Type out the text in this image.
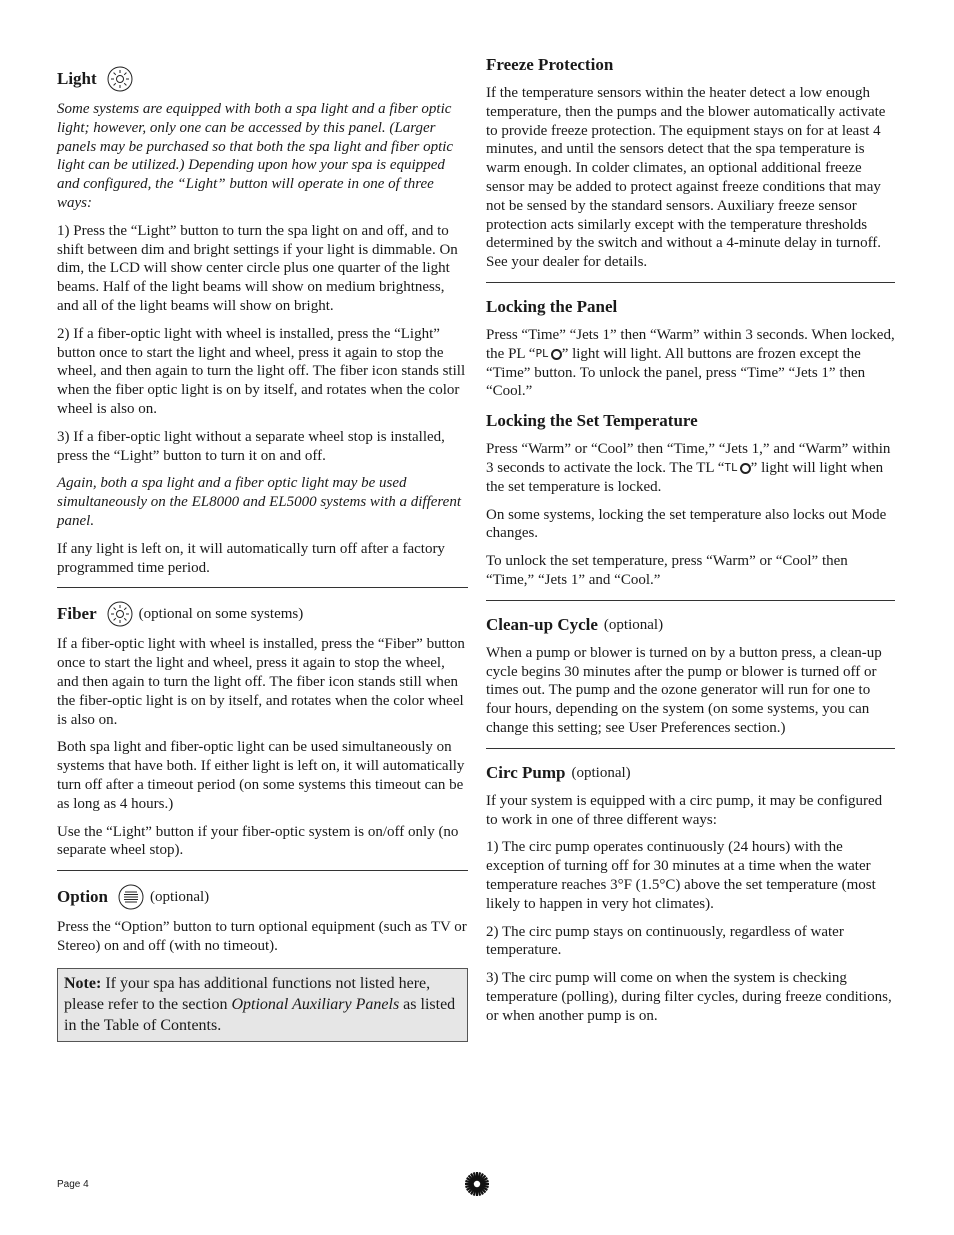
Light

Some systems are equipped with both a spa light and a fiber optic light; however, only one can be accessed by this panel. (Larger panels may be purchased so that both the spa light and fiber optic light can be utilized.) Depending upon how your spa is equipped and configured, the “Light” button will operate in one of three ways:

1) Press the “Light” button to turn the spa light on and off, and to shift between dim and bright settings if your light is dimmable. On dim, the LCD will show center circle plus one quarter of the light beams. Half of the light beams will show on medium brightness, and all of the light beams will show on bright.

2) If a fiber-optic light with wheel is installed, press the “Light” button once to start the light and wheel, press it again to stop the wheel, and then again to turn the light off. The fiber icon stands still when the fiber optic light is on by itself, and rotates when the color wheel is also on.

3) If a fiber-optic light without a separate wheel stop is installed, press the “Light” button to turn it on and off.

Again, both a spa light and a fiber optic light may be used simultaneously on the EL8000 and EL5000 systems with a different panel.

If any light is left on, it will automatically turn off after a factory programmed time period.

Fiber	(optional on some systems)

If a fiber-optic light with wheel is installed, press the “Fiber” button once to start the light and wheel, press it again to stop the wheel, and then again to turn the light off. The fiber icon stands still when the fiber-optic light is on by itself, and rotates when the color wheel is also on.

Both spa light and fiber-optic light can be used simultaneously on systems that have both. If either light is left on, it will automatically turn off after a timeout period (on some systems this timeout can be as long as 4 hours.)

Use the “Light” button if your fiber-optic system is on/off only (no separate wheel stop).

Option	(optional)

Press the “Option” button to turn optional equipment (such as TV or Stereo) on and off (with no timeout).

Note: If your spa has additional functions not listed here, please refer to the section Optional Auxiliary Panels as listed in the Table of Contents.
Freeze Protection

If the temperature sensors within the heater detect a low enough temperature, then the pumps and the blower automatically activate to provide freeze protection. The equipment stays on for at least 4 minutes, and until the sensors detect that the spa temperature is warm enough. In colder climates, an optional additional freeze sensor may be added to protect against freeze conditions that may not be sensed by the standard sensors. Auxiliary freeze sensor protection acts similarly except with the temperature thresholds determined by the switch and without a 4-minute delay in turnoff. See your dealer for details.

Locking the Panel

Press “Time” “Jets 1” then “Warm” within 3 seconds. When locked, the PL “ PL ” light will light. All buttons are frozen except the “Time” button. To unlock the panel, press “Time” “Jets 1” then “Cool.”

Locking the Set Temperature

Press “Warm” or “Cool” then “Time,” “Jets 1,” and “Warm” within 3 seconds to activate the lock. The TL “ TL ” light will light when the set temperature is locked.

On some systems, locking the set temperature also locks out Mode changes.

To unlock the set temperature, press “Warm” or “Cool” then “Time,” “Jets 1” and “Cool.”

Clean-up Cycle (optional)

When a pump or blower is turned on by a button press, a clean-up cycle begins 30 minutes after the pump or blower is turned off or times out. The pump and the ozone generator will run for one to four hours, depending on the system (on some systems, you can change this setting; see User Preferences section.)

Circ Pump (optional)

If your system is equipped with a circ pump, it may be configured to work in one of three different ways:

1) The circ pump operates continuously (24 hours) with the exception of turning off for 30 minutes at a time when the water temperature reaches 3°F (1.5°C) above the set temperature (most likely to happen in very hot climates).

2) The circ pump stays on continuously, regardless of water temperature.

3) The circ pump will come on when the system is checking temperature (polling), during filter cycles, during freeze conditions, or when another pump is on.

Page 4
